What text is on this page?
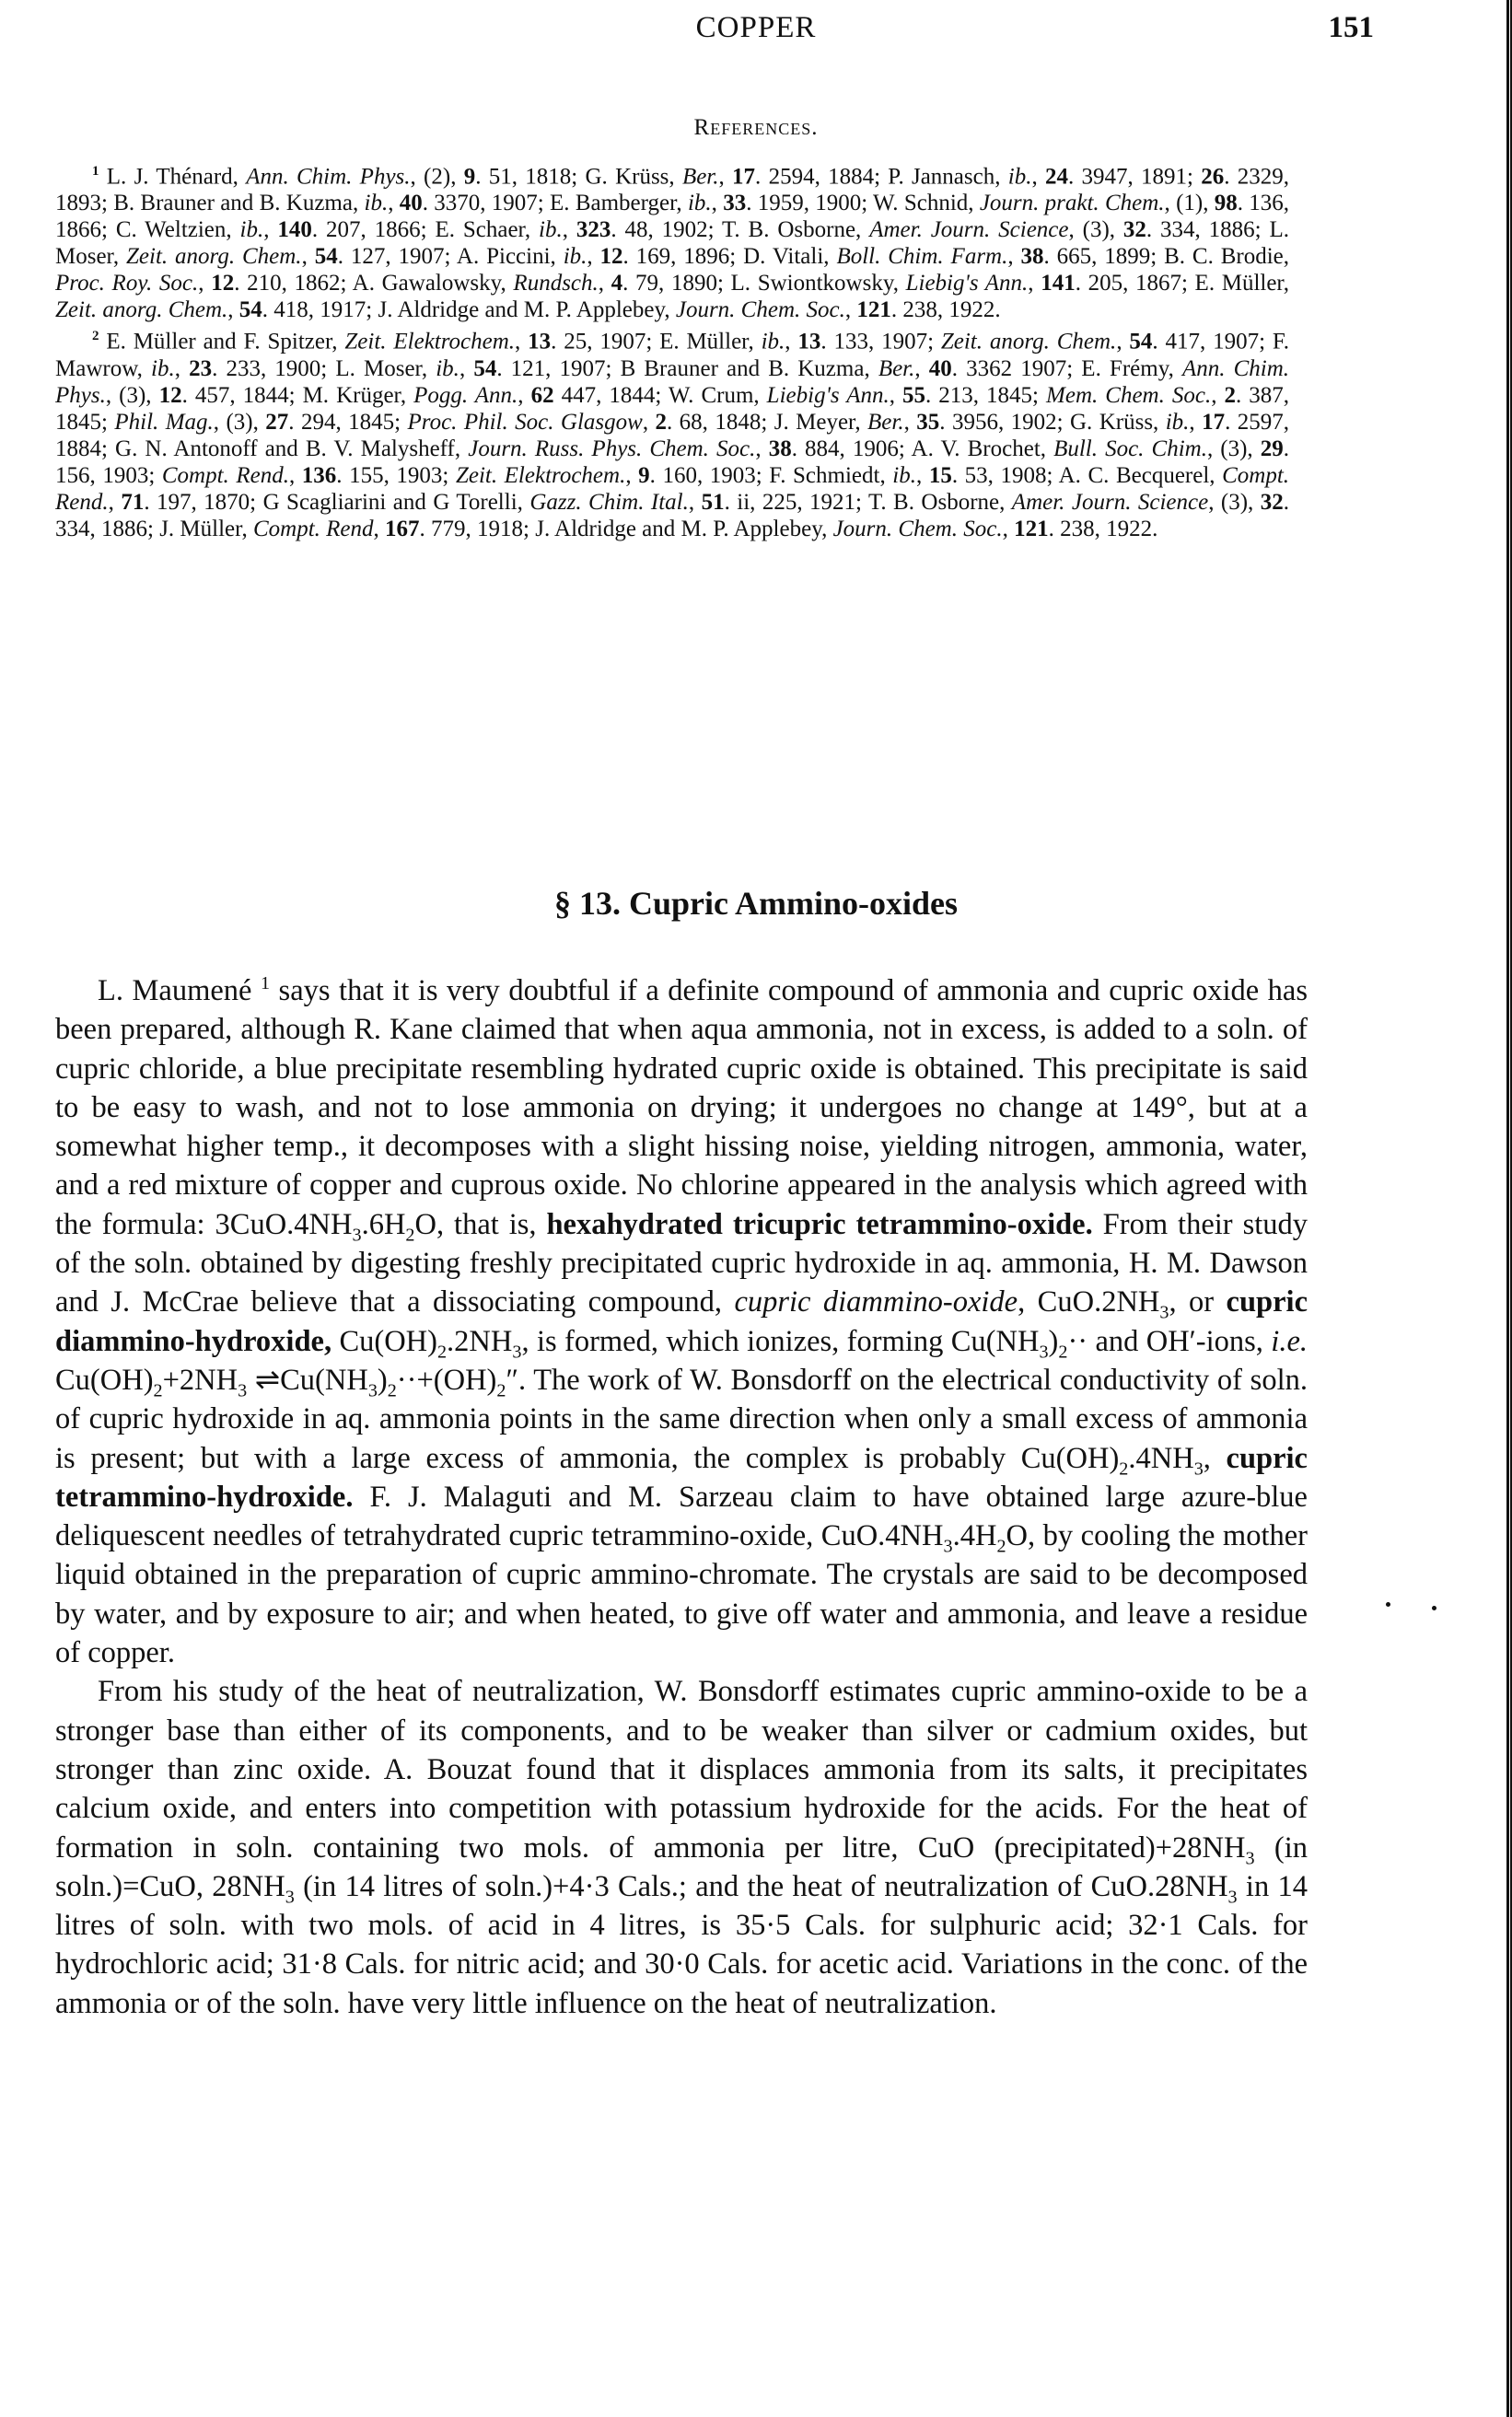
COPPER	151
References.

$^1$ L. J. Thénard, Ann. Chim. Phys., (2), 9. 51, 1818; G. Krüss, Ber., 17. 2594, 1884; P. Jannasch, ib., 24. 3947, 1891; 26. 2329, 1893; B. Brauner and B. Kuzma, ib., 40. 3370, 1907; E. Bamberger, ib., 33. 1959, 1900; W. Schnid, Journ. prakt. Chem., (1), 98. 136, 1866; C. Weltzien, ib., 140. 207, 1866; E. Schaer, ib., 323. 48, 1902; T. B. Osborne, Amer. Journ. Science, (3), 32. 334, 1886; L. Moser, Zeit. anorg. Chem., 54. 127, 1907; A. Piccini, ib., 12. 169, 1896; D. Vitali, Boll. Chim. Farm., 38. 665, 1899; B. C. Brodie, Proc. Roy. Soc., 12. 210, 1862; A. Gawalowsky, Rundsch., 4. 79, 1890; L. Swiontkowsky, Liebig's Ann., 141. 205, 1867; E. Müller, Zeit. anorg. Chem., 54. 418, 1917; J. Aldridge and M. P. Applebey, Journ. Chem. Soc., 121. 238, 1922.

$^2$ E. Müller and F. Spitzer, Zeit. Elektrochem., 13. 25, 1907; E. Müller, ib., 13. 133, 1907; Zeit. anorg. Chem., 54. 417, 1907; F. Mawrow, ib., 23. 233, 1900; L. Moser, ib., 54. 121, 1907; B Brauner and B. Kuzma, Ber., 40. 3362 1907; E. Frémy, Ann. Chim. Phys., (3), 12. 457, 1844; M. Krüger, Pogg. Ann., 62 447, 1844; W. Crum, Liebig's Ann., 55. 213, 1845; Mem. Chem. Soc., 2. 387, 1845; Phil. Mag., (3), 27. 294, 1845; Proc. Phil. Soc. Glasgow, 2. 68, 1848; J. Meyer, Ber., 35. 3956, 1902; G. Krüss, ib., 17. 2597, 1884; G. N. Antonoff and B. V. Malysheff, Journ. Russ. Phys. Chem. Soc., 38. 884, 1906; A. V. Brochet, Bull. Soc. Chim., (3), 29. 156, 1903; Compt. Rend., 136. 155, 1903; Zeit. Elektrochem., 9. 160, 1903; F. Schmiedt, ib., 15. 53, 1908; A. C. Becquerel, Compt. Rend., 71. 197, 1870; G Scagliarini and G Torelli, Gazz. Chim. Ital., 51. ii, 225, 1921; T. B. Osborne, Amer. Journ. Science, (3), 32. 334, 1886; J. Müller, Compt. Rend, 167. 779, 1918; J. Aldridge and M. P. Applebey, Journ. Chem. Soc., 121. 238, 1922.

§ 13. Cupric Ammino-oxides

L. Maumené $^1$ says that it is very doubtful if a definite compound of ammonia and cupric oxide has been prepared, although R. Kane claimed that when aqua ammonia, not in excess, is added to a soln. of cupric chloride, a blue precipitate resembling hydrated cupric oxide is obtained. This precipitate is said to be easy to wash, and not to lose ammonia on drying; it undergoes no change at 149°, but at a somewhat higher temp., it decomposes with a slight hissing noise, yielding nitrogen, ammonia, water, and a red mixture of copper and cuprous oxide. No chlorine appeared in the analysis which agreed with the formula: $3CuO.4NH_3.6H_2O$, that is, hexahydrated tricupric tetrammino-oxide. From their study of the soln. obtained by digesting freshly precipitated cupric hydroxide in aq. ammonia, H. M. Dawson and J. McCrae believe that a dissociating compound, cupric diammino-oxide, $CuO.2NH_3$, or cupric diammino-hydroxide, $Cu(OH)_2.2NH_3$, is formed, which ionizes, forming $Cu(NH_3)_2\cdot\cdot$ and OH′-ions, i.e. $Cu(OH)_2+2NH_3$ $\rightleftharpoons Cu(NH_3)_2\cdot\cdot+(OH)_2''$. The work of W. Bonsdorff on the electrical conductivity of soln. of cupric hydroxide in aq. ammonia points in the same direction when only a small excess of ammonia is present; but with a large excess of ammonia, the complex is probably $Cu(OH)_2.4NH_3$, cupric tetrammino-hydroxide. F. J. Malaguti and M. Sarzeau claim to have obtained large azure-blue deliquescent needles of tetrahydrated cupric tetrammino-oxide, $CuO.4NH_3.4H_2O$, by cooling the mother liquid obtained in the preparation of cupric ammino-chromate. The crystals are said to be decomposed by water, and by exposure to air; and when heated, to give off water and ammonia, and leave a residue of copper.

From his study of the heat of neutralization, W. Bonsdorff estimates cupric ammino-oxide to be a stronger base than either of its components, and to be weaker than silver or cadmium oxides, but stronger than zinc oxide. A. Bouzat found that it displaces ammonia from its salts, it precipitates calcium oxide, and enters into competition with potassium hydroxide for the acids. For the heat of formation in soln. containing two mols. of ammonia per litre, CuO $(precipitated)+28NH_3$ (in soln.)=CuO, $28NH_3$ (in 14 litres of soln.)+4·3 Cals.; and the heat of neutralization of $CuO.28NH_3$ in 14 litres of soln. with two mols. of acid in 4 litres, is 35·5 Cals. for sulphuric acid; 32·1 Cals. for hydrochloric acid; 31·8 Cals. for nitric acid; and 30·0 Cals. for acetic acid. Variations in the conc. of the ammonia or of the soln. have very little influence on the heat of neutralization.
